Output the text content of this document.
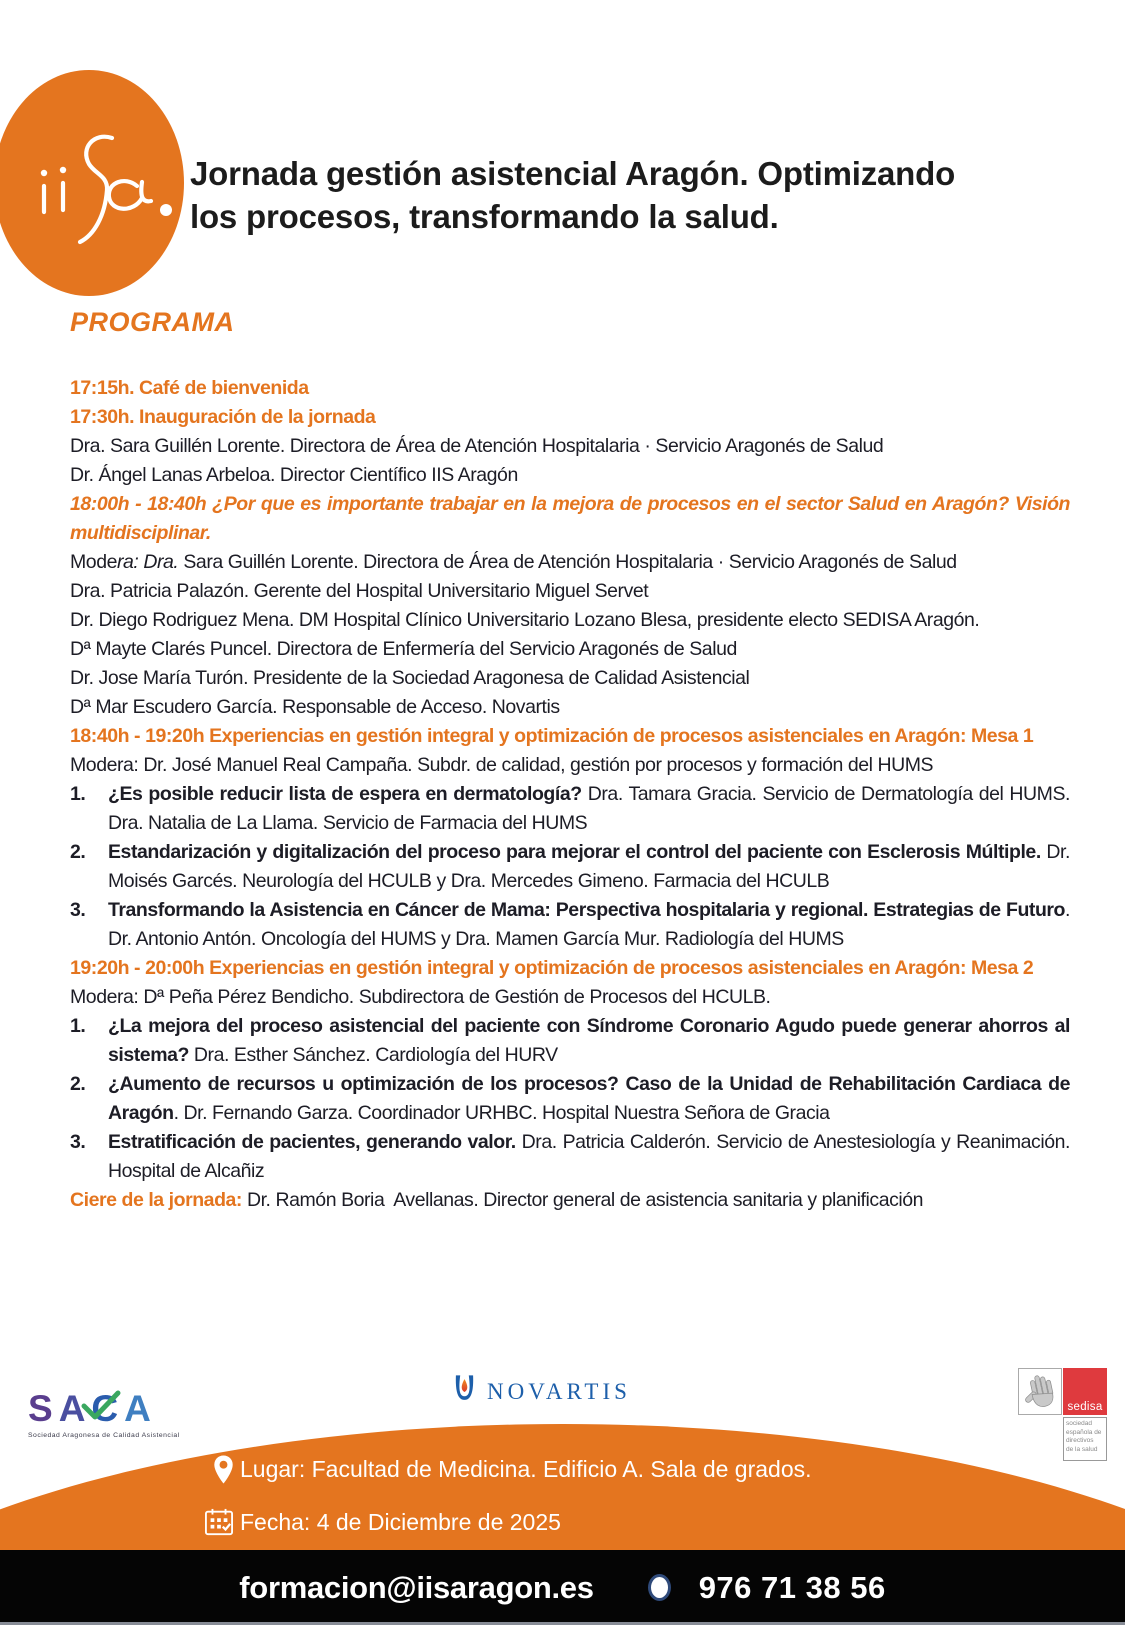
Jornada gestión asistencial Aragón. Optimizando
los procesos, transformando la salud.
PROGRAMA

17:15h. Café de bienvenida

17:30h. Inauguración de la jornada

Dra. Sara Guillén Lorente. Directora de Área de Atención Hospitalaria · Servicio Aragonés de Salud

Dr. Ángel Lanas Arbeloa. Director Científico IIS Aragón

18:00h - 18:40h ¿Por que es importante trabajar en la mejora de procesos en el sector Salud en Aragón? Visión multidisciplinar.

Modera: Dra. Sara Guillén Lorente. Directora de Área de Atención Hospitalaria · Servicio Aragonés de Salud

Dra. Patricia Palazón. Gerente del Hospital Universitario Miguel Servet

Dr. Diego Rodriguez Mena. DM Hospital Clínico Universitario Lozano Blesa, presidente electo SEDISA Aragón.

Dª Mayte Clarés Puncel. Directora de Enfermería del Servicio Aragonés de Salud

Dr. Jose María Turón. Presidente de la Sociedad Aragonesa de Calidad Asistencial

Dª Mar Escudero García. Responsable de Acceso. Novartis

18:40h - 19:20h Experiencias en gestión integral y optimización de procesos asistenciales en Aragón: Mesa 1

Modera: Dr. José Manuel Real Campaña. Subdr. de calidad, gestión por procesos y formación del HUMS

1.	¿Es posible reducir lista de espera en dermatología? Dra. Tamara Gracia. Servicio de Dermatología del HUMS. Dra. Natalia de La Llama. Servicio de Farmacia del HUMS

2.	Estandarización y digitalización del proceso para mejorar el control del paciente con Esclerosis Múltiple. Dr. Moisés Garcés. Neurología del HCULB y Dra. Mercedes Gimeno. Farmacia del HCULB

3.	Transformando la Asistencia en Cáncer de Mama: Perspectiva hospitalaria y regional. Estrategias de Futuro. Dr. Antonio Antón. Oncología del HUMS y Dra. Mamen García Mur. Radiología del HUMS

19:20h - 20:00h Experiencias en gestión integral y optimización de procesos asistenciales en Aragón: Mesa 2

Modera: Dª Peña Pérez Bendicho. Subdirectora de Gestión de Procesos del HCULB.

1.	¿La mejora del proceso asistencial del paciente con Síndrome Coronario Agudo puede generar ahorros al sistema? Dra. Esther Sánchez. Cardiología del HURV

2.	¿Aumento de recursos u optimización de los procesos? Caso de la Unidad de Rehabilitación Cardiaca de Aragón. Dr. Fernando Garza. Coordinador URHBC. Hospital Nuestra Señora de Gracia

3.	Estratificación de pacientes, generando valor. Dra. Patricia Calderón. Servicio de Anestesiología y Reanimación. Hospital de Alcañiz

Ciere de la jornada: Dr. Ramón Boria  Avellanas. Director general de asistencia sanitaria y planificación

SACA
Sociedad Aragonesa de Calidad Asistencial
NOVARTIS
sedisa
sociedad
española de
directivos
de la salud
Lugar: Facultad de Medicina. Edificio A. Sala de grados.
Fecha: 4 de Diciembre de 2025
formacion@iisaragon.es	976 71 38 56
